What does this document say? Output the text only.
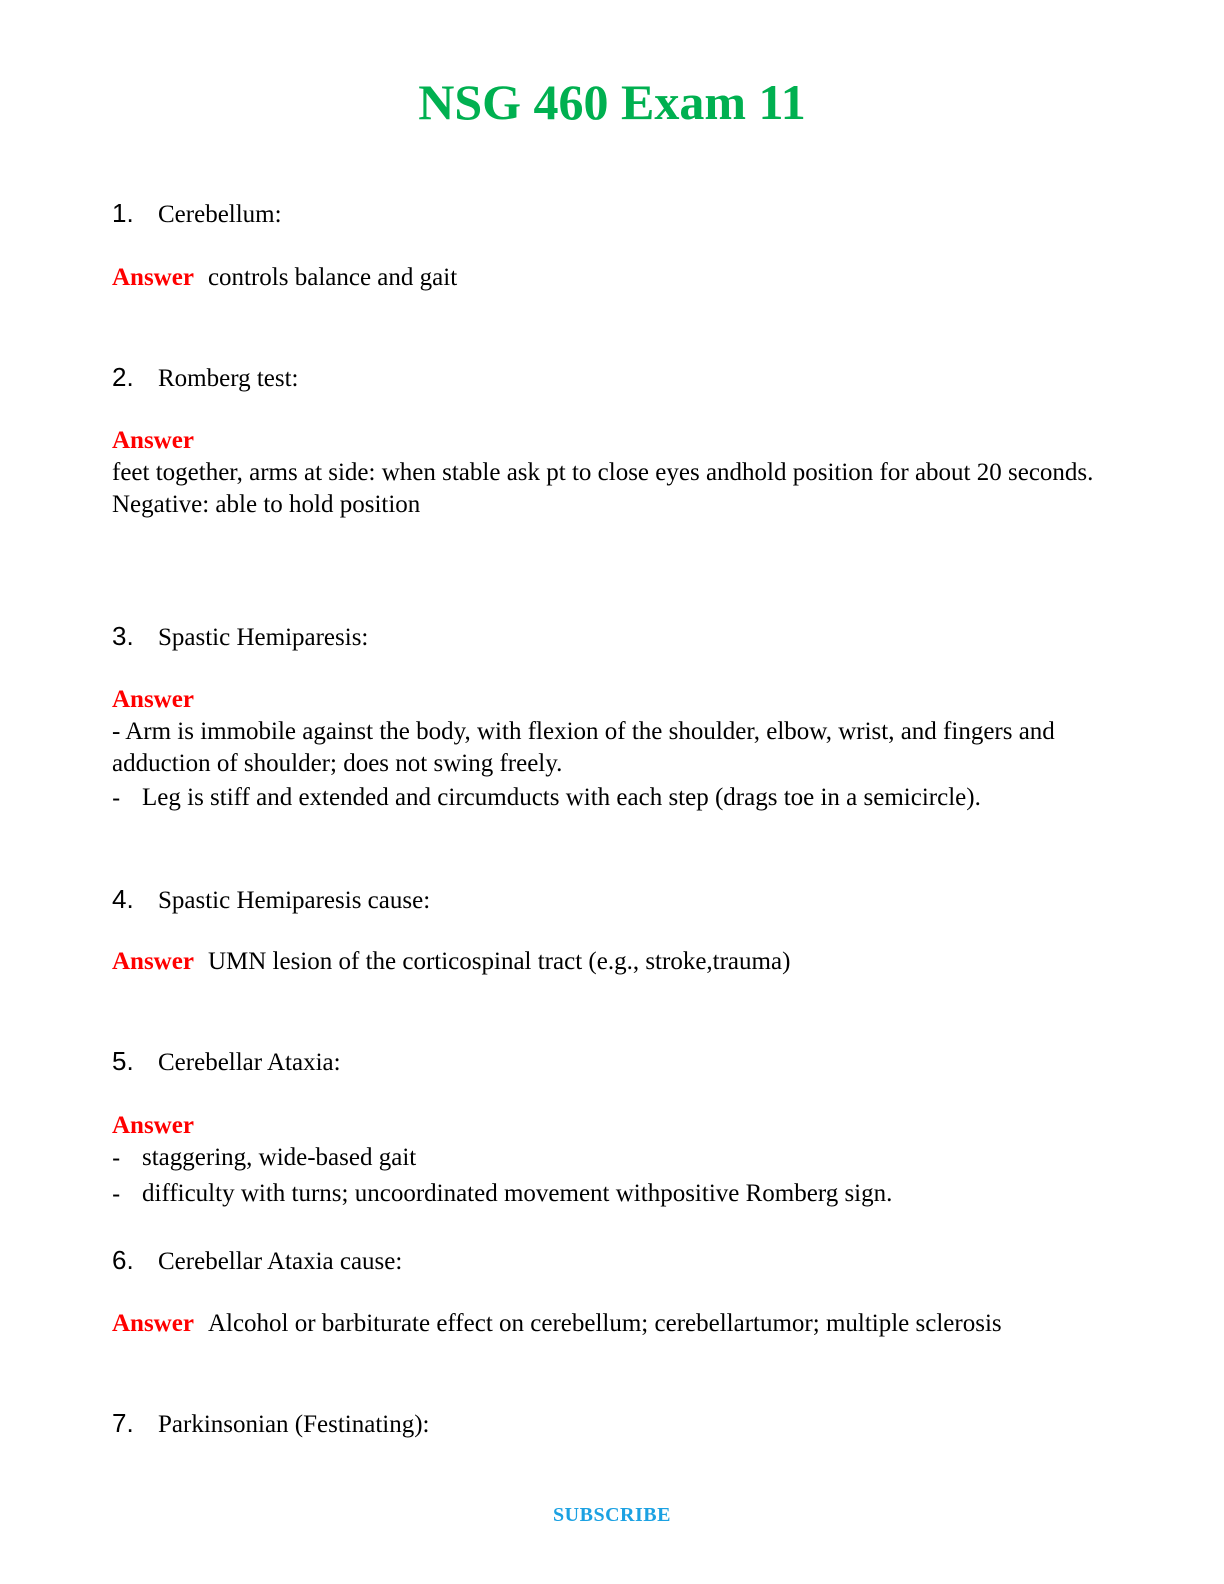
NSG 460 Exam 11
1. Cerebellum:
Answer controls balance and gait
2. Romberg test:
Answer
feet together, arms at side: when stable ask pt to close eyes andhold position for about 20 seconds.
Negative: able to hold position
3. Spastic Hemiparesis:
Answer
- Arm is immobile against the body, with flexion of the shoulder, elbow, wrist, and fingers and adduction of shoulder; does not swing freely.
- Leg is stiff and extended and circumducts with each step (drags toe in a semicircle).
4. Spastic Hemiparesis cause:
Answer UMN lesion of the corticospinal tract (e.g., stroke,trauma)
5. Cerebellar Ataxia:
Answer
- staggering, wide-based gait
- difficulty with turns; uncoordinated movement withpositive Romberg sign.
6. Cerebellar Ataxia cause:
Answer Alcohol or barbiturate effect on cerebellum; cerebellartumor; multiple sclerosis
7. Parkinsonian (Festinating):
SUBSCRIBE
